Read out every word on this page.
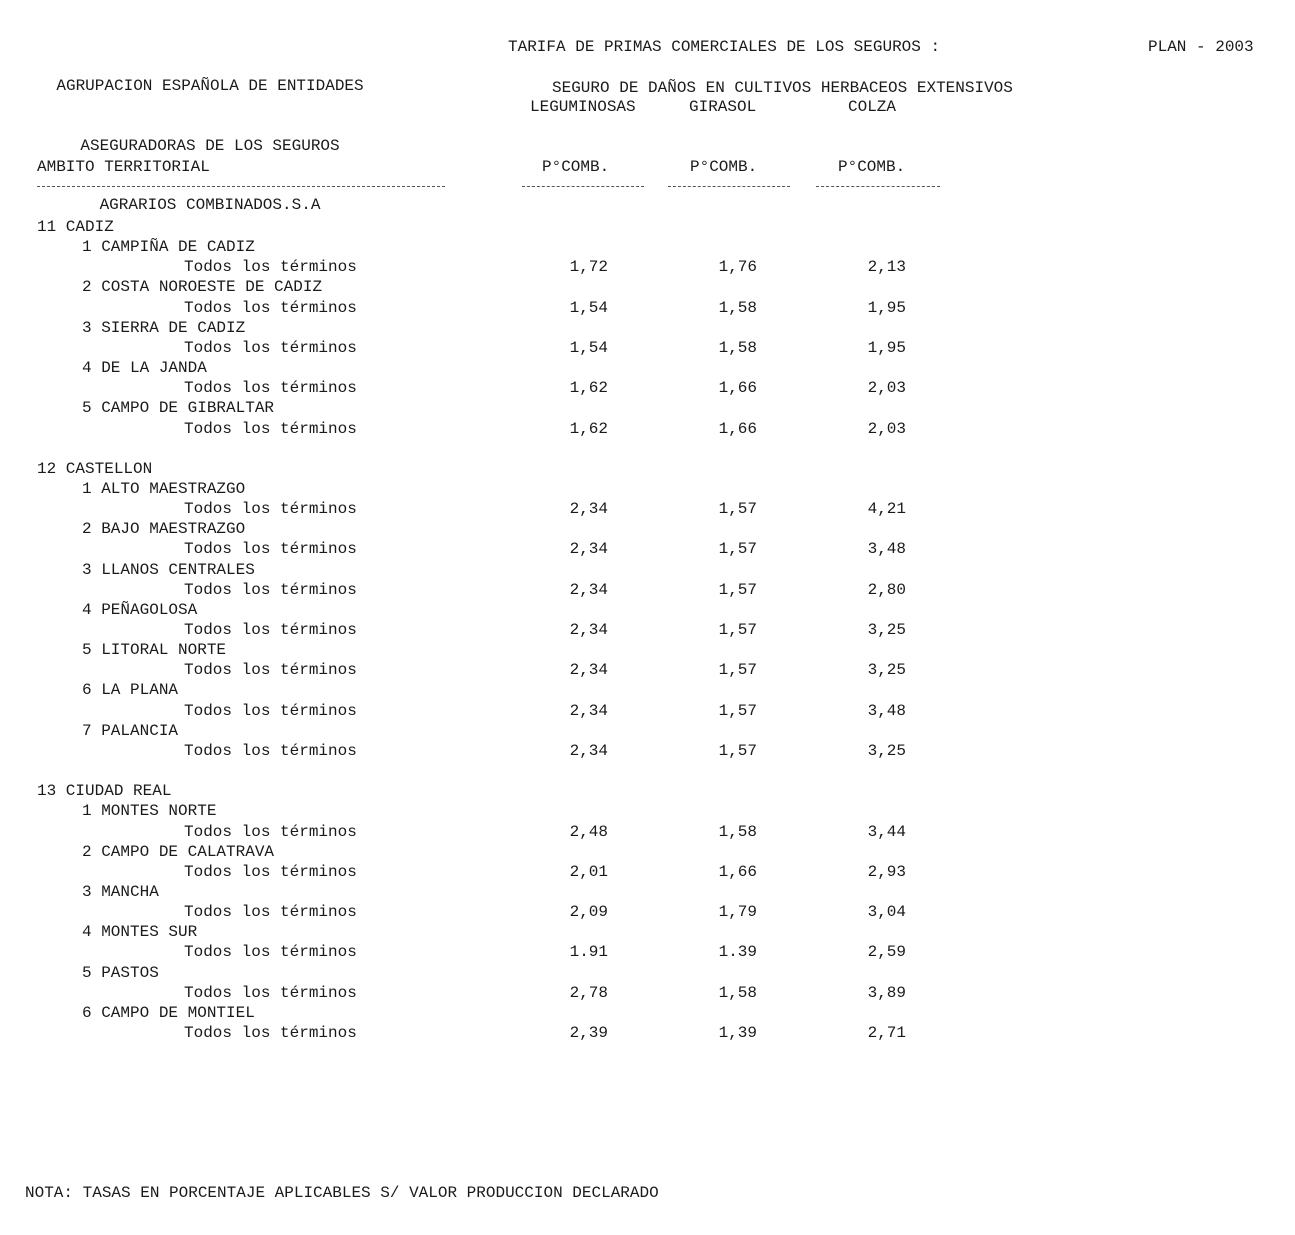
AGRUPACION ESPAÑOLA DE ENTIDADES

ASEGURADORAS DE LOS SEGUROS

AGRARIOS COMBINADOS.S.A

TARIFA DE PRIMAS COMERCIALES DE LOS SEGUROS :	PLAN - 2003
SEGURO DE DAÑOS EN CULTIVOS HERBACEOS EXTENSIVOS
LEGUMINOSAS	GIRASOL	COLZA
AMBITO TERRITORIAL	P°COMB.	P°COMB.	P°COMB.
11 CADIZ
1 CAMPIÑA DE CADIZ
Todos los términos	1,72	1,76	2,13
2 COSTA NOROESTE DE CADIZ
Todos los términos	1,54	1,58	1,95
3 SIERRA DE CADIZ
Todos los términos	1,54	1,58	1,95
4 DE LA JANDA
Todos los términos	1,62	1,66	2,03
5 CAMPO DE GIBRALTAR
Todos los términos	1,62	1,66	2,03
12 CASTELLON
1 ALTO MAESTRAZGO
Todos los términos	2,34	1,57	4,21
2 BAJO MAESTRAZGO
Todos los términos	2,34	1,57	3,48
3 LLANOS CENTRALES
Todos los términos	2,34	1,57	2,80
4 PEÑAGOLOSA
Todos los términos	2,34	1,57	3,25
5 LITORAL NORTE
Todos los términos	2,34	1,57	3,25
6 LA PLANA
Todos los términos	2,34	1,57	3,48
7 PALANCIA
Todos los términos	2,34	1,57	3,25
13 CIUDAD REAL
1 MONTES NORTE
Todos los términos	2,48	1,58	3,44
2 CAMPO DE CALATRAVA
Todos los términos	2,01	1,66	2,93
3 MANCHA
Todos los términos	2,09	1,79	3,04
4 MONTES SUR
Todos los términos	1.91	1.39	2,59
5 PASTOS
Todos los términos	2,78	1,58	3,89
6 CAMPO DE MONTIEL
Todos los términos	2,39	1,39	2,71
NOTA: TASAS EN PORCENTAJE APLICABLES S/ VALOR PRODUCCION DECLARADO
